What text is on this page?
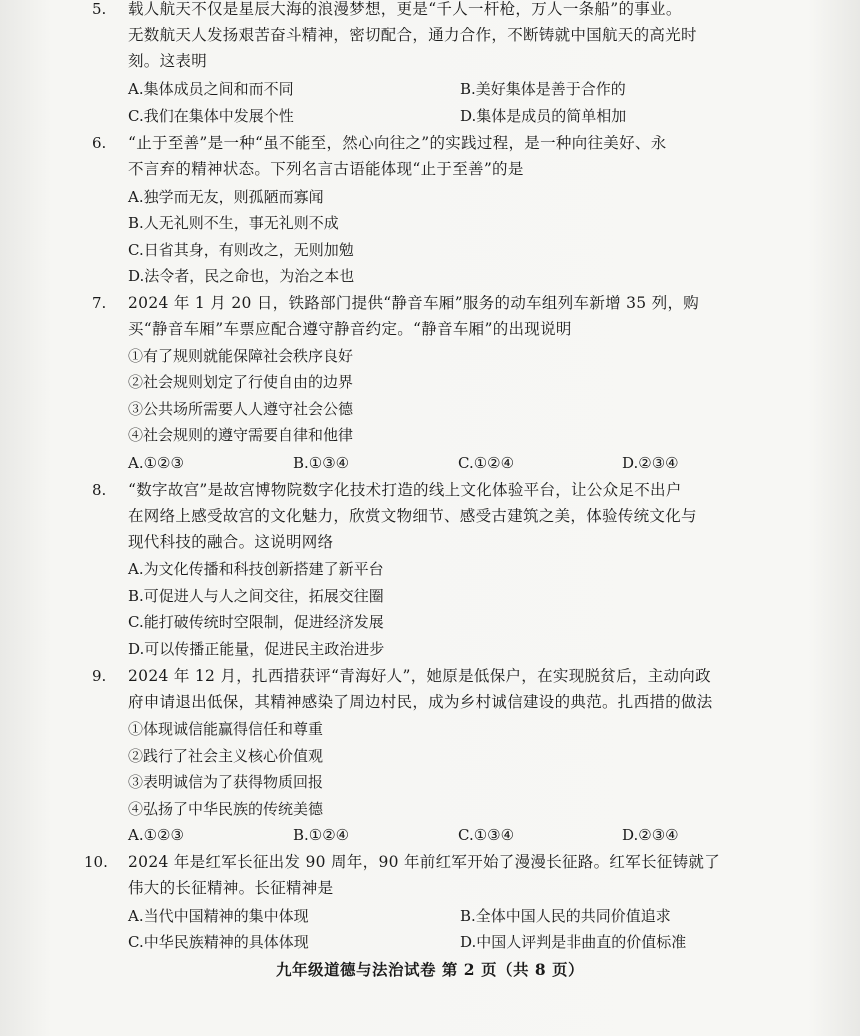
5.	载人航天不仅是星辰大海的浪漫梦想，更是“千人一杆枪，万人一条船”的事业。
无数航天人发扬艰苦奋斗精神，密切配合，通力合作，不断铸就中国航天的高光时
刻。这表明
A.集体成员之间和而不同	B.美好集体是善于合作的
C.我们在集体中发展个性	D.集体是成员的简单相加
6.	“止于至善”是一种“虽不能至，然心向往之”的实践过程，是一种向往美好、永
不言弃的精神状态。下列名言古语能体现“止于至善”的是
A.独学而无友，则孤陋而寡闻
B.人无礼则不生，事无礼则不成
C.日省其身，有则改之，无则加勉
D.法令者，民之命也，为治之本也
7.	2024 年 1 月 20 日，铁路部门提供“静音车厢”服务的动车组列车新增 35 列，购
买“静音车厢”车票应配合遵守静音约定。“静音车厢”的出现说明
①有了规则就能保障社会秩序良好
②社会规则划定了行使自由的边界
③公共场所需要人人遵守社会公德
④社会规则的遵守需要自律和他律
A.①②③	B.①③④	C.①②④	D.②③④
8.	“数字故宫”是故宫博物院数字化技术打造的线上文化体验平台，让公众足不出户
在网络上感受故宫的文化魅力，欣赏文物细节、感受古建筑之美，体验传统文化与
现代科技的融合。这说明网络
A.为文化传播和科技创新搭建了新平台
B.可促进人与人之间交往，拓展交往圈
C.能打破传统时空限制，促进经济发展
D.可以传播正能量，促进民主政治进步
9.	2024 年 12 月，扎西措获评“青海好人”，她原是低保户，在实现脱贫后，主动向政
府申请退出低保，其精神感染了周边村民，成为乡村诚信建设的典范。扎西措的做法
①体现诚信能赢得信任和尊重
②践行了社会主义核心价值观
③表明诚信为了获得物质回报
④弘扬了中华民族的传统美德
A.①②③	B.①②④	C.①③④	D.②③④
10.	2024 年是红军长征出发 90 周年，90 年前红军开始了漫漫长征路。红军长征铸就了
伟大的长征精神。长征精神是
A.当代中国精神的集中体现	B.全体中国人民的共同价值追求
C.中华民族精神的具体体现	D.中国人评判是非曲直的价值标准
九年级道德与法治试卷 第 2 页（共 8 页）
